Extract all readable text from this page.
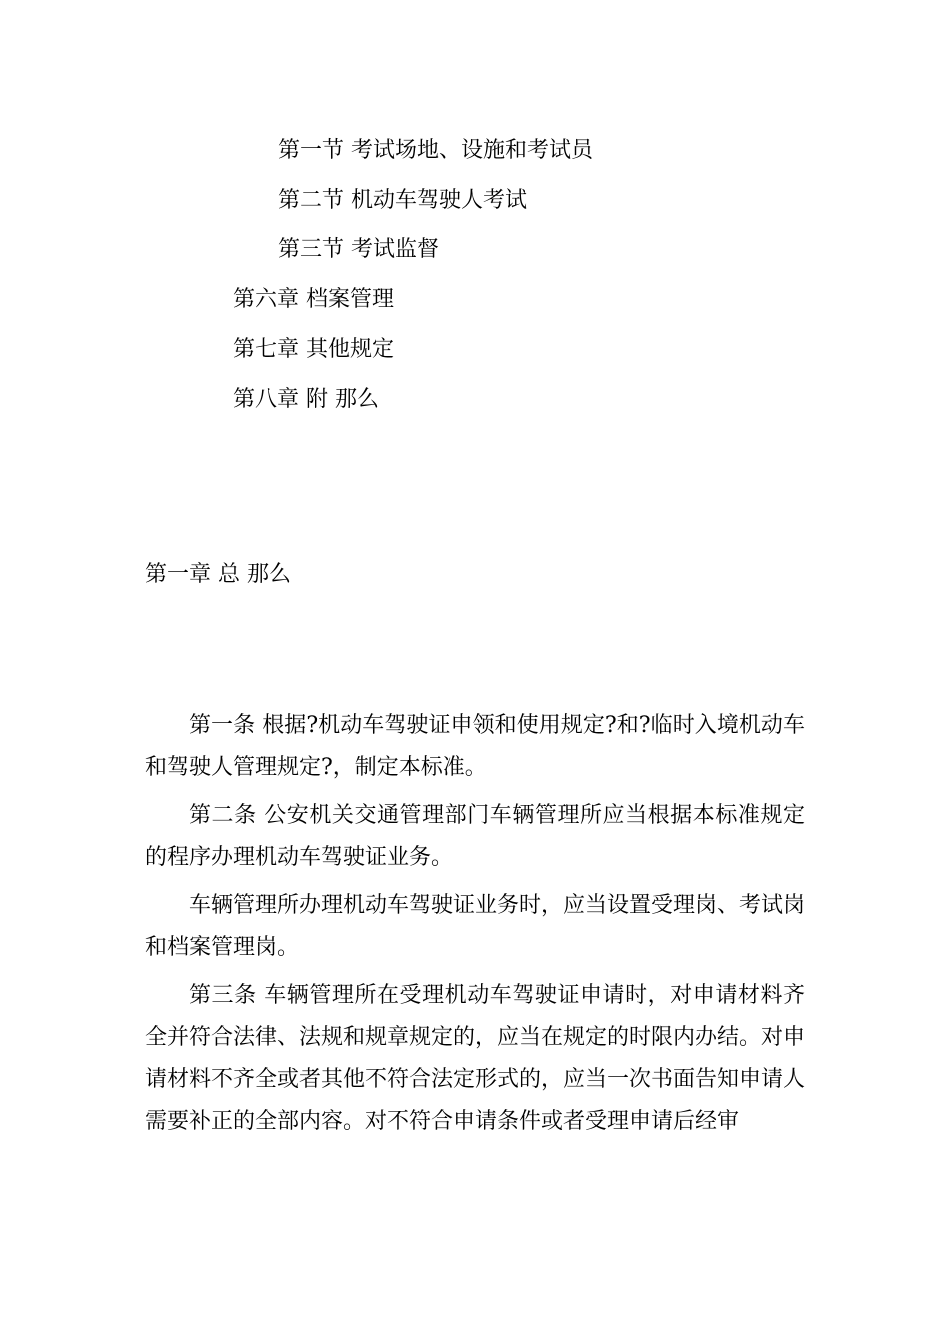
第一节 考试场地、设施和考试员
第二节 机动车驾驶人考试
第三节 考试监督
第六章 档案管理
第七章 其他规定
第八章 附 那么
第一章 总 那么

第一条 根据?机动车驾驶证申领和使用规定?和?临时入境机动车和驾驶人管理规定?，制定本标准。

第二条 公安机关交通管理部门车辆管理所应当根据本标准规定的程序办理机动车驾驶证业务。

车辆管理所办理机动车驾驶证业务时，应当设置受理岗、考试岗和档案管理岗。

第三条 车辆管理所在受理机动车驾驶证申请时，对申请材料齐全并符合法律、法规和规章规定的，应当在规定的时限内办结。对申请材料不齐全或者其他不符合法定形式的，应当一次书面告知申请人需要补正的全部内容。对不符合申请条件或者受理申请后经审
